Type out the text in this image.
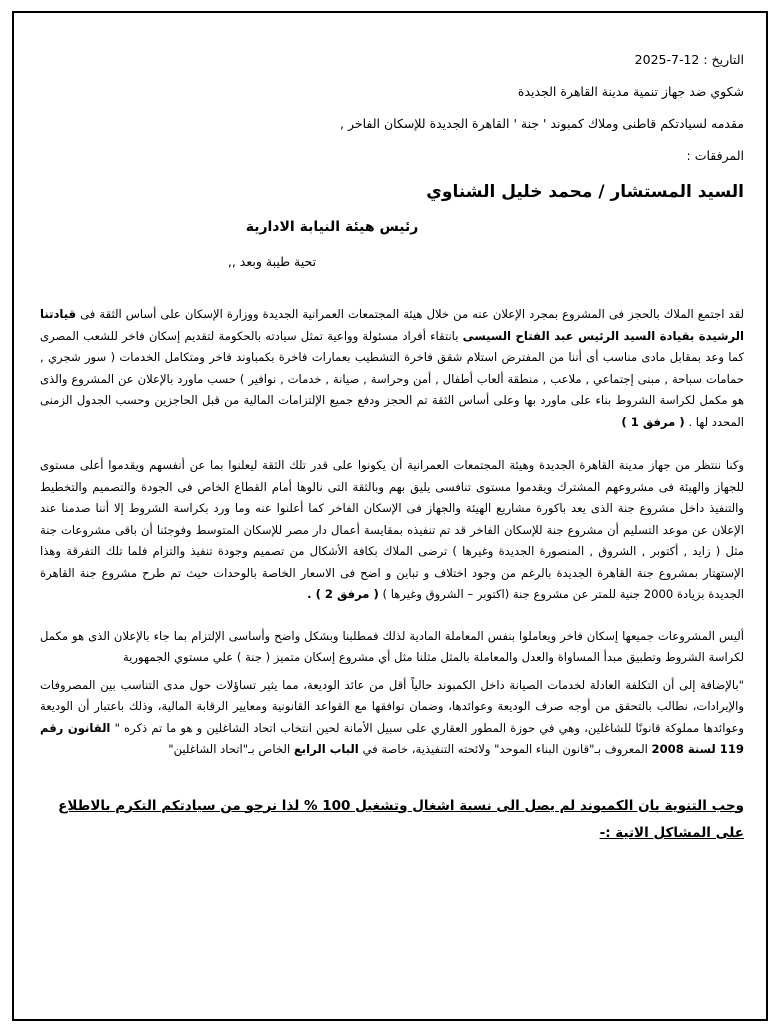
التاريخ : 12-7-2025
شكوي ضد جهاز تنمية مدينة القاهرة الجديدة
مقدمه لسيادتكم قاطنى وملاك كمبوند ' جنة ' القاهرة الجديدة للإسكان الفاخر ,
المرفقات :
السيد المستشار / محمد خليل الشناوي
رئيس هيئة النيابة الادارية
تحية طيبة وبعد ,,
لقد اجتمع الملاك بالحجز فى المشروع بمجرد الإعلان عنه من خلال هيئة المجتمعات العمرانية الجديدة ووزارة الإسكان على أساس الثقة فى قيادتنا الرشيدة بقيادة السيد الرئيس عبد الفتاح السيسى بانتقاء أفراد مسئولة وواعية تمثل سيادته بالحكومة لتقديم إسكان فاخر للشعب المصرى كما وعد بمقابل مادى مناسب أى أننا من المفترض استلام شقق فاخرة التشطيب بعمارات فاخرة بكمباوند فاخر ومتكامل الخدمات ( سور شجري , حمامات سباحة , مبنى إجتماعي , ملاعب , منطقة ألعاب أطفال , أمن وحراسة , صيانة , خدمات , نوافير ) حسب ماورد بالإعلان عن المشروع والذى هو مكمل لكراسة الشروط بناء على ماورد بها وعلى أساس الثقة تم الحجز ودفع جميع الإلتزامات المالية من قبل الحاجزين وحسب الجدول الزمنى المحدد لها . ( مرفق 1 )
وكنا ننتظر من جهاز مدينة القاهرة الجديدة وهيئة المجتمعات العمرانية أن يكونوا على قدر تلك الثقة ليعلنوا بما عن أنفسهم ويقدموا أعلى مستوى للجهاز والهيئة فى مشروعهم المشترك ويقدموا مستوى تنافسى يليق بهم وبالثقة التى نالوها أمام القطاع الخاص فى الجودة والتصميم والتخطيط والتنفيذ داخل مشروع جنة الذى يعد باكورة مشاريع الهيئة والجهاز فى الإسكان الفاخر كما أعلنوا عنه وما ورد بكراسة الشروط إلا أننا صدمنا عند الإعلان عن موعد التسليم أن مشروع جنة للإسكان الفاخر قد تم تنفيذه بمقايسة أعمال دار مصر للإسكان المتوسط وفوجئنا أن باقى مشروعات جنة مثل ( زايد , أكتوبر , الشروق , المنصورة الجديدة وغيرها ) ترضى الملاك بكافة الأشكال من تصميم وجودة تنفيذ والتزام فلما تلك التفرقة وهذا الإستهتار بمشروع جنة القاهرة الجديدة بالرغم من وجود اختلاف و تباين و اضح فى الاسعار الخاصة بالوحدات حيث تم طرح مشروع جنة القاهرة الجديدة بزيادة 2000 جنية للمتر عن مشروع جنة (اكتوبر – الشروق وغيرها ) ( مرفق 2 ) .
أليس المشروعات جميعها إسكان فاخر ويعاملوا بنفس المعاملة المادية لذلك فمطلبنا وبشكل واضح وأساسى الإلتزام بما جاء بالإعلان الذى هو مكمل لكراسة الشروط وتطبيق مبدأ المساواة والعدل والمعاملة بالمثل مثلنا مثل أي مشروع إسكان متميز ( جنة ) علي مستوي الجمهورية
"بالإضافة إلى أن التكلفة العادلة لخدمات الصيانة داخل الكمبوند حالياً أقل من عائد الوديعة، مما يثير تساؤلات حول مدى التناسب بين المصروفات والإيرادات، نطالب بالتحقق من أوجه صرف الوديعة وعوائدها، وضمان توافقها مع القواعد القانونية ومعايير الرقابة المالية، وذلك باعتبار أن الوديعة وعوائدها مملوكة قانونًا للشاغلين، وهي في حوزة المطور العقاري على سبيل الأمانة لحين انتخاب اتحاد الشاغلين و هو ما تم ذكره " القانون رقم 119 لسنة 2008 المعروف بـ"قانون البناء الموحد" ولائحته التنفيذية، خاصة في الباب الرابع الخاص بـ"اتحاد الشاغلين"
وجب التنوية بان الكمبوند لم يصل الى نسبة اشغال وتشغيل 100 % لذا نرجو من سيادتكم التكرم بالاطلاع على المشاكل الاتية :-
